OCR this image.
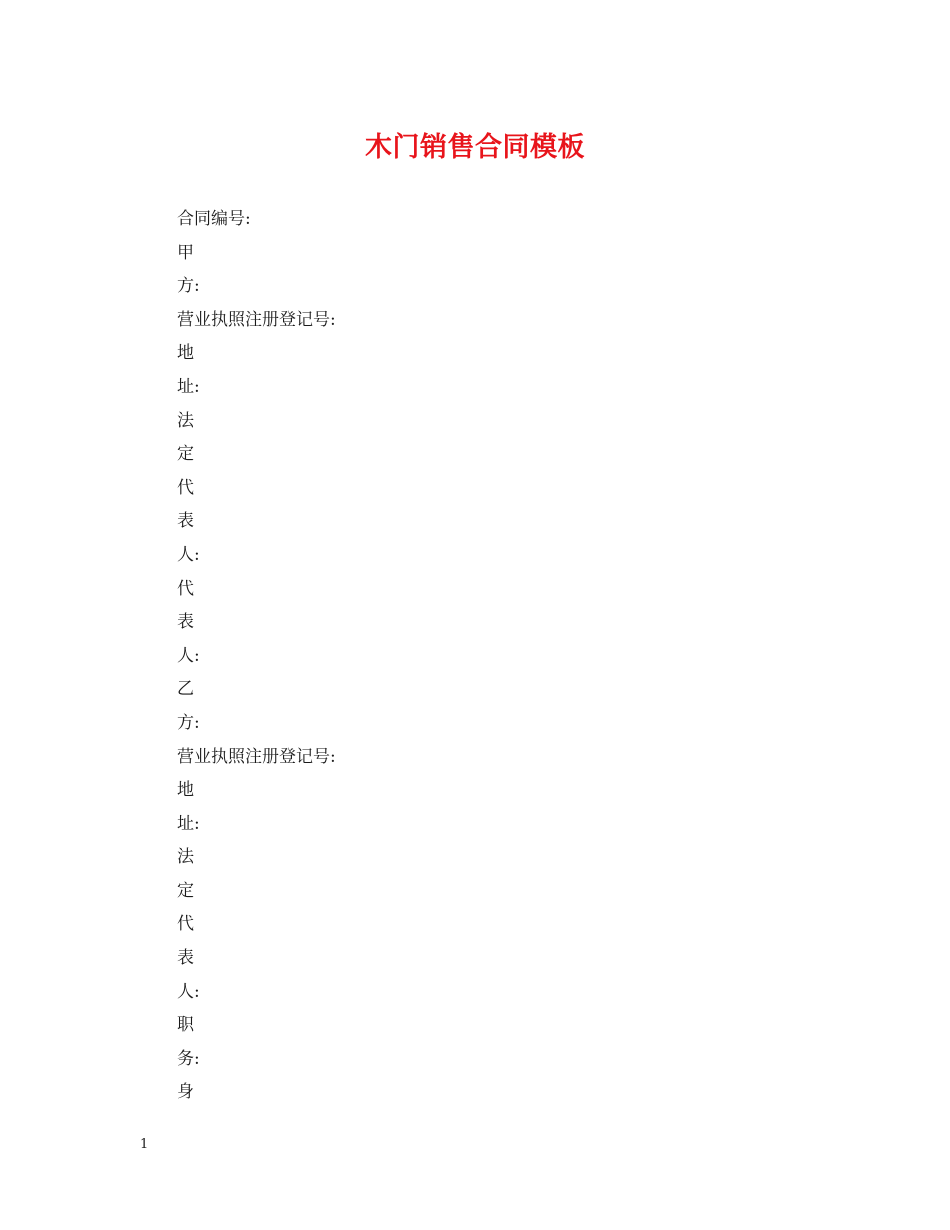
木门销售合同模板
合同编号:
甲
方:
营业执照注册登记号:
地
址:
法
定
代
表
人:
代
表
人:
乙
方:
营业执照注册登记号:
地
址:
法
定
代
表
人:
职
务:
身
1
